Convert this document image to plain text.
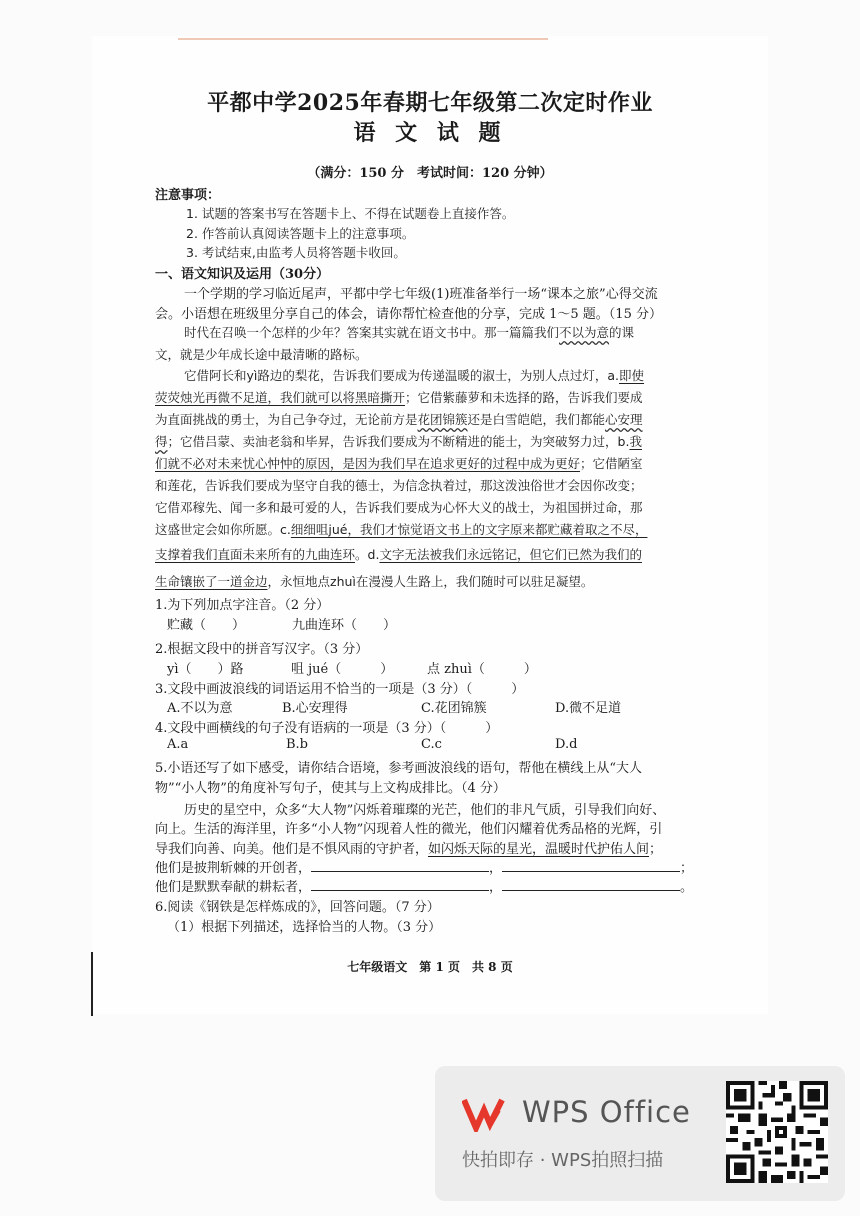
平都中学2025年春期七年级第二次定时作业
语 文 试 题
（满分：150 分　考试时间：120 分钟）
注意事项：
1. 试题的答案书写在答题卡上、不得在试题卷上直接作答。
2. 作答前认真阅读答题卡上的注意事项。
3. 考试结束,由监考人员将答题卡收回。
一、语文知识及运用（30分）
一个学期的学习临近尾声，平都中学七年级(1)班准备举行一场“课本之旅”心得交流
会。小语想在班级里分享自己的体会，请你帮忙检查他的分享，完成 1～5 题。（15 分）
时代在召唤一个怎样的少年？答案其实就在语文书中。那一篇篇我们不以为意的课
文，就是少年成长途中最清晰的路标。
它借阿长和yì路边的梨花，告诉我们要成为传递温暖的淑士，为别人点过灯，a.即使
荧荧烛光再微不足道，我们就可以将黑暗撕开；它借紫藤萝和未选择的路，告诉我们要成
为直面挑战的勇士，为自己争夺过，无论前方是花团锦簇还是白雪皑皑，我们都能心安理
得；它借吕蒙、卖油老翁和毕昇，告诉我们要成为不断精进的能士，为突破努力过，b.我
们就不必对未来忧心忡忡的原因，是因为我们早在追求更好的过程中成为更好；它借陋室
和莲花，告诉我们要成为坚守自我的德士，为信念执着过，那这泼浊俗世才会因你改变；
它借邓稼先、闻一多和最可爱的人，告诉我们要成为心怀大义的战士，为祖国拼过命，那
这盛世定会如你所愿。c.细细咀jué，我们才惊觉语文书上的文字原来都贮藏着取之不尽，
支撑着我们直面未来所有的九曲连环。d.文字无法被我们永远铭记，但它们已然为我们的
生命镶嵌了一道金边，永恒地点zhuì在漫漫人生路上，我们随时可以驻足凝望。
1.为下列加点字注音。（2 分）
贮藏（　　）	九曲连环（　　）
2.根据文段中的拼音写汉字。（3 分）
yì（　　）路	咀 jué（　　　）	点 zhuì（　　　）
3.文段中画波浪线的词语运用不恰当的一项是（3 分）（　　　）
A.不以为意	B.心安理得	C.花团锦簇	D.微不足道
4.文段中画横线的句子没有语病的一项是（3 分）（　　　）
A.a	B.b	C.c	D.d
5.小语还写了如下感受，请你结合语境，参考画波浪线的语句，帮他在横线上从“大人
物”“小人物”的角度补写句子，使其与上文构成排比。（4 分）
历史的星空中，众多“大人物”闪烁着璀璨的光芒，他们的非凡气质，引导我们向好、
向上。生活的海洋里，许多“小人物”闪现着人性的微光，他们闪耀着优秀品格的光辉，引
导我们向善、向美。他们是不惧风雨的守护者，如闪烁天际的星光，温暖时代护佑人间；
他们是披荆斩棘的开创者，	，	；
他们是默默奉献的耕耘者，	，	。
6.阅读《钢铁是怎样炼成的》，回答问题。（7 分）
（1）根据下列描述，选择恰当的人物。（3 分）
七年级语文　第 1 页　共 8 页
WPS Office
快拍即存 · WPS拍照扫描
